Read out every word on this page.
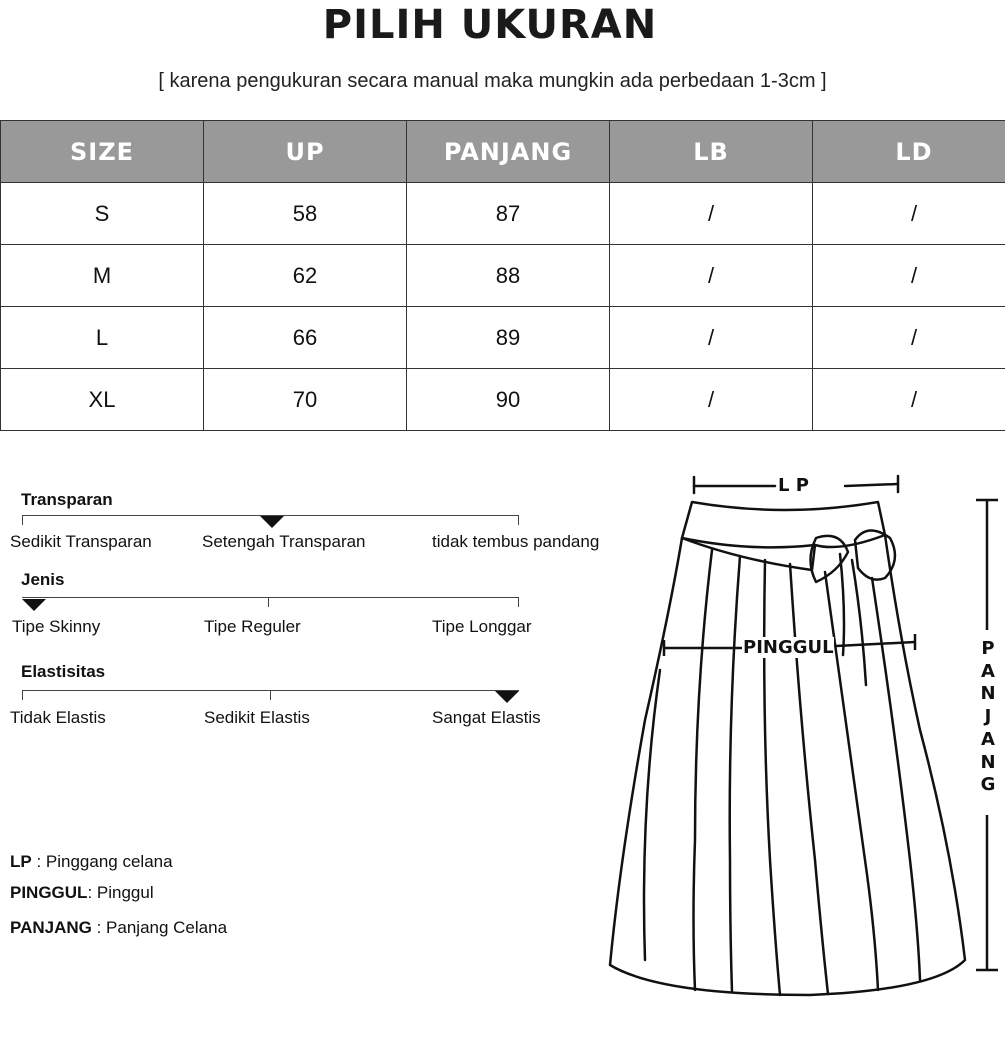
PILIH UKURAN
[ karena pengukuran secara manual maka mungkin ada perbedaan 1-3cm ]
SIZE	UP	PANJANG	LB	LD
S	58	87	/	/
M	62	88	/	/
L	66	89	/	/
XL	70	90	/	/
Transparan
Sedikit Transparan	Setengah Transparan	tidak tembus pandang
Jenis
Tipe Skinny	Tipe Reguler	Tipe Longgar
Elastisitas
Tidak Elastis	Sedikit Elastis	Sangat Elastis
LP : Pinggang celana
PINGGUL: Pinggul
PANJANG : Panjang Celana
L P
PINGGUL	P
A
N
J
A
N
G
